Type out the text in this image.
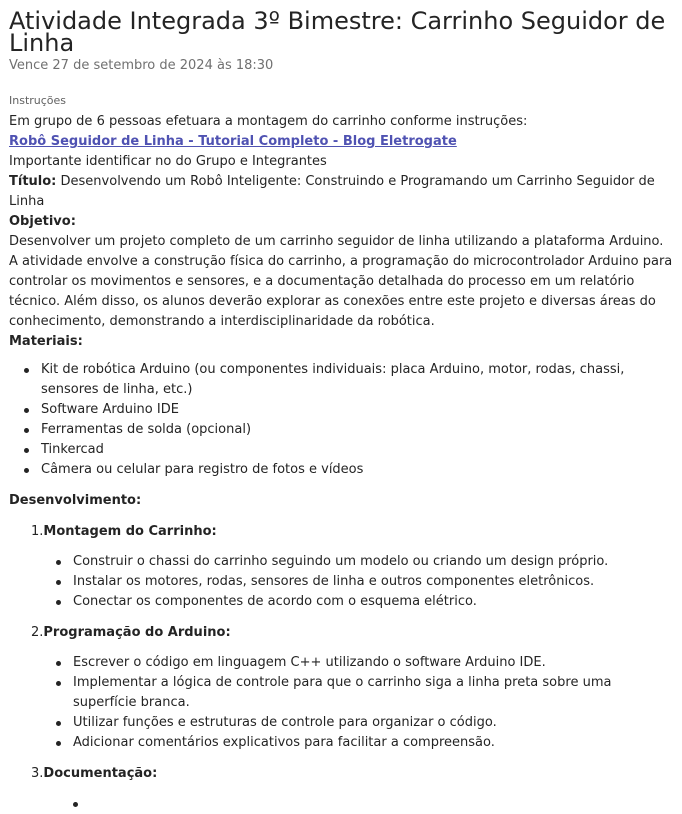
Atividade Integrada 3º Bimestre: Carrinho Seguidor de Linha
Vence 27 de setembro de 2024 às 18:30
Instruções
Em grupo de 6 pessoas efetuara a montagem do carrinho conforme instruções:
Robô Seguidor de Linha - Tutorial Completo - Blog Eletrogate
Importante identificar no do Grupo e Integrantes
Título: Desenvolvendo um Robô Inteligente: Construindo e Programando um Carrinho Seguidor de Linha
Objetivo:
Desenvolver um projeto completo de um carrinho seguidor de linha utilizando a plataforma Arduino. A atividade envolve a construção física do carrinho, a programação do microcontrolador Arduino para controlar os movimentos e sensores, e a documentação detalhada do processo em um relatório técnico. Além disso, os alunos deverão explorar as conexões entre este projeto e diversas áreas do conhecimento, demonstrando a interdisciplinaridade da robótica.
Materiais:
Kit de robótica Arduino (ou componentes individuais: placa Arduino, motor, rodas, chassi, sensores de linha, etc.)
Software Arduino IDE
Ferramentas de solda (opcional)
Tinkercad
Câmera ou celular para registro de fotos e vídeos
Desenvolvimento:
1.Montagem do Carrinho:
Construir o chassi do carrinho seguindo um modelo ou criando um design próprio.
Instalar os motores, rodas, sensores de linha e outros componentes eletrônicos.
Conectar os componentes de acordo com o esquema elétrico.
2.Programação do Arduino:
Escrever o código em linguagem C++ utilizando o software Arduino IDE.
Implementar a lógica de controle para que o carrinho siga a linha preta sobre uma superfície branca.
Utilizar funções e estruturas de controle para organizar o código.
Adicionar comentários explicativos para facilitar a compreensão.
3.Documentação:
